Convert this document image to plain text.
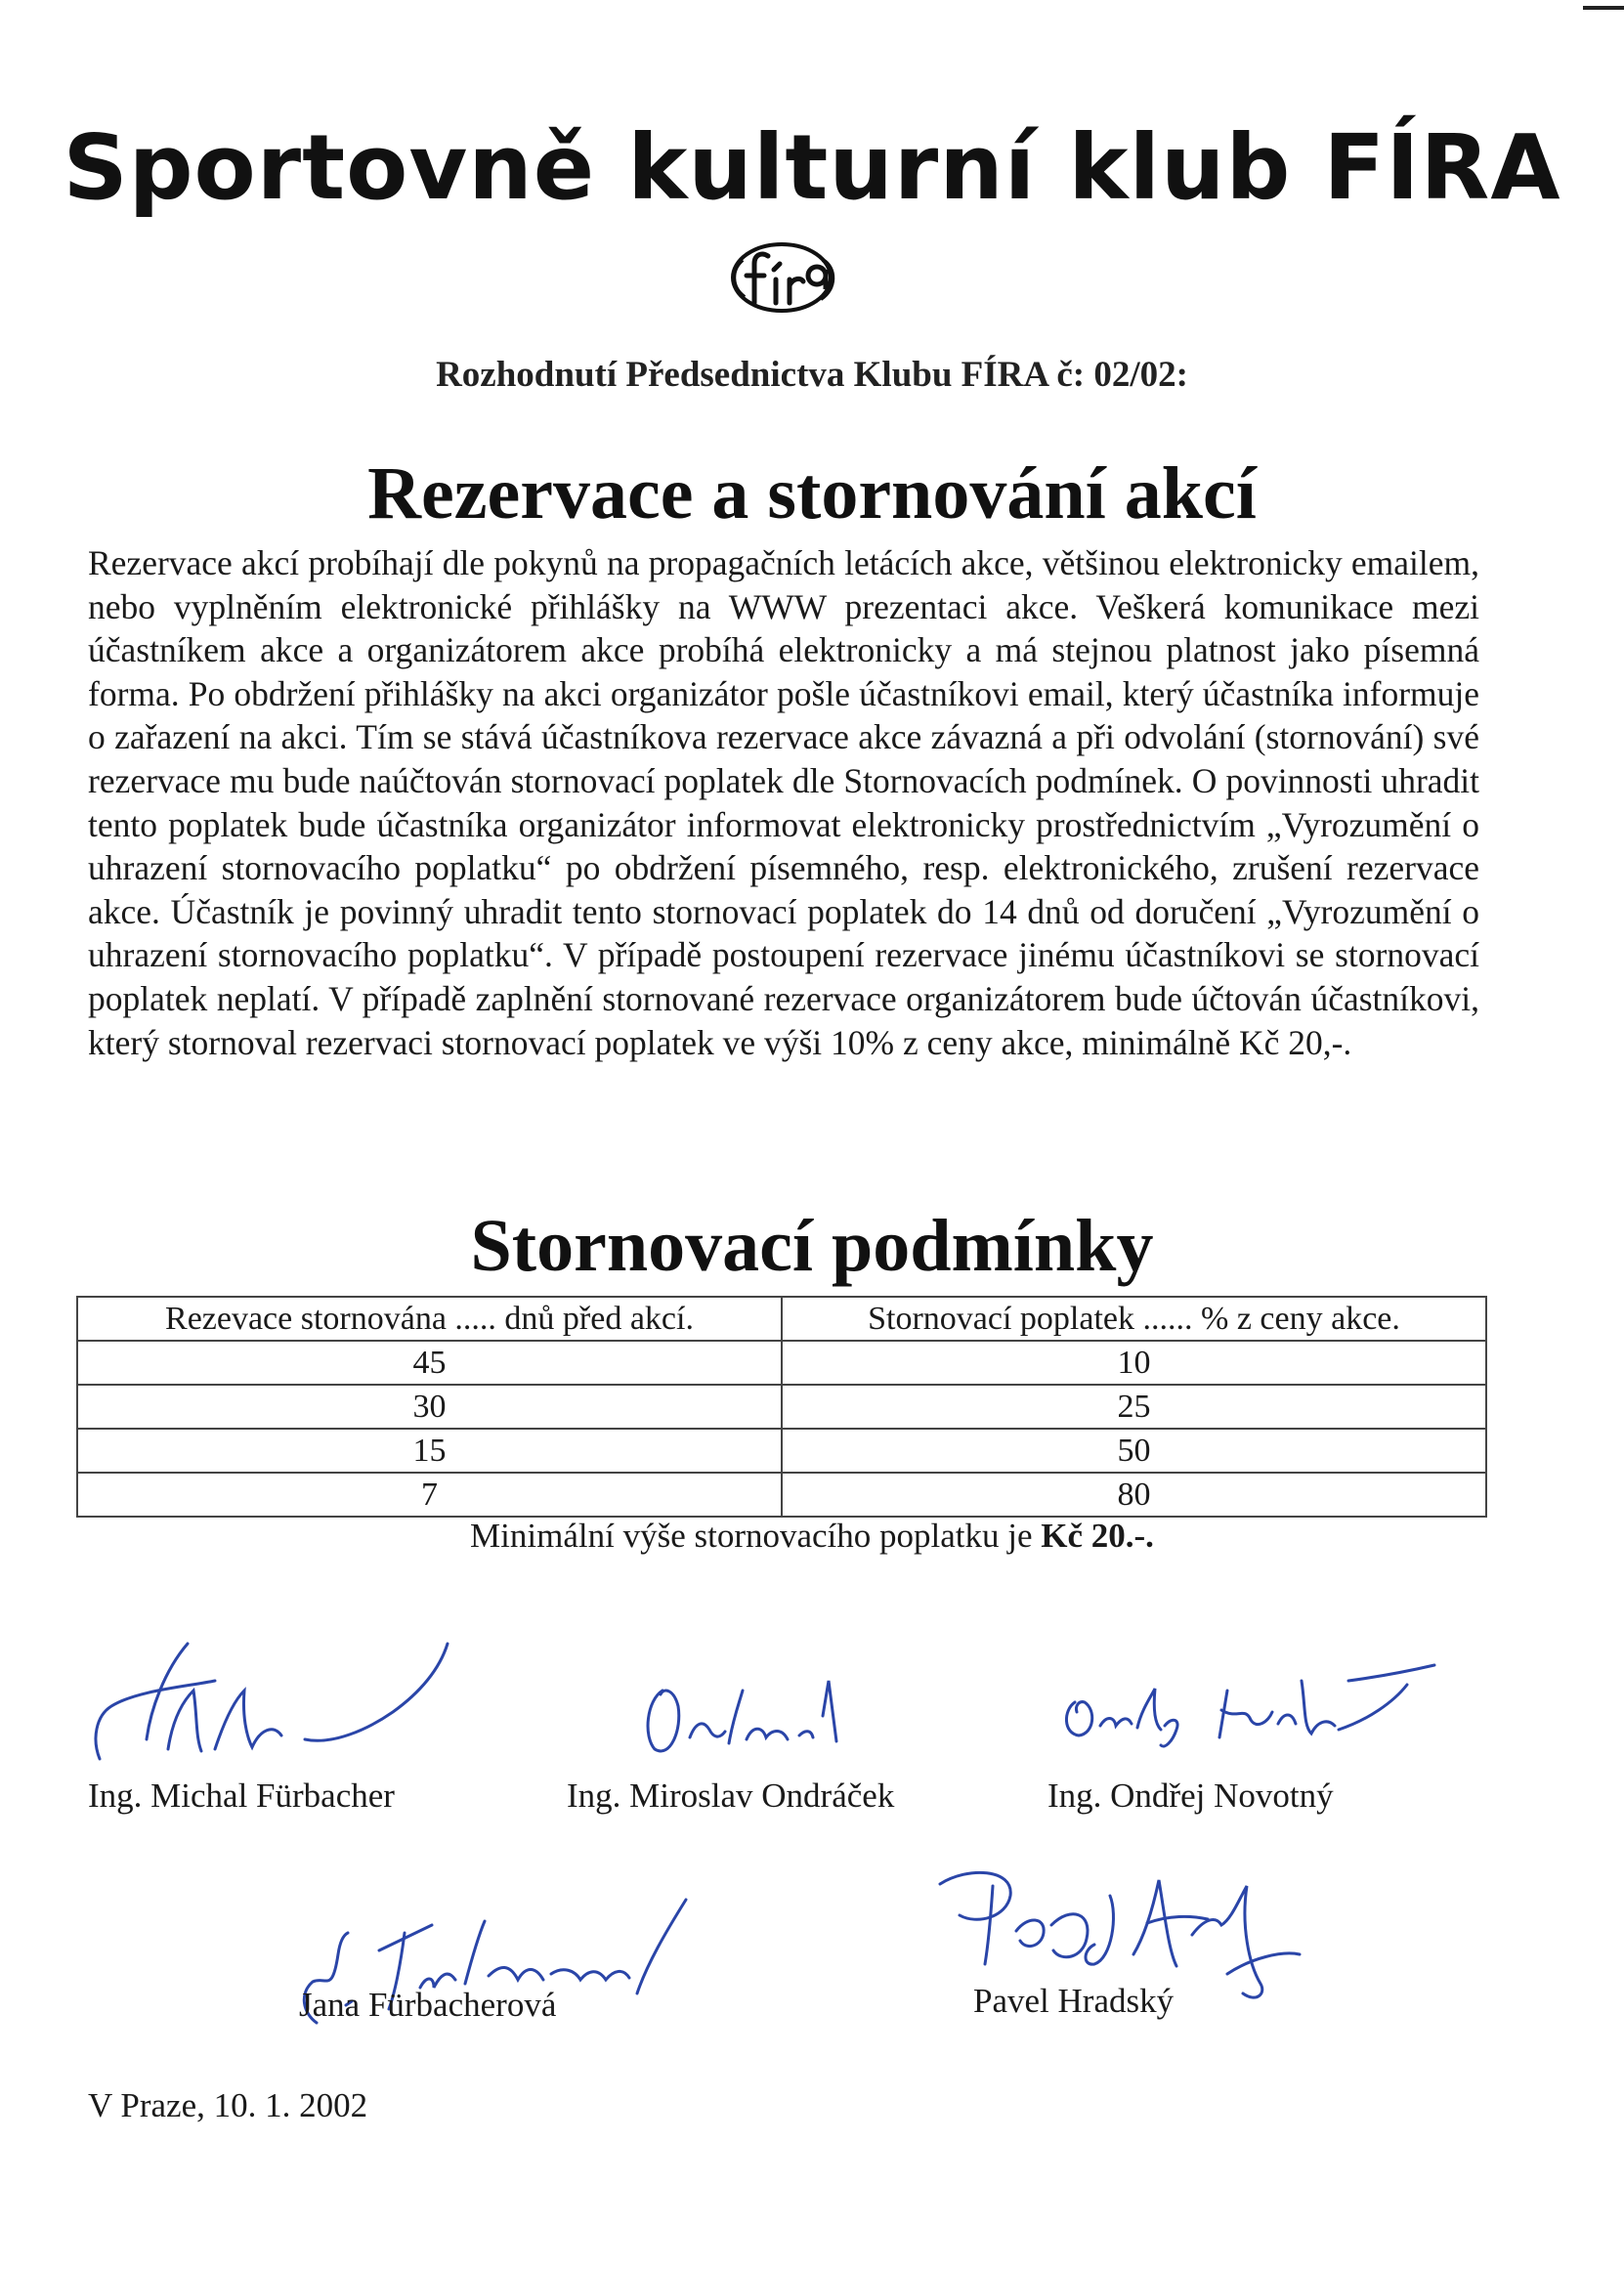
Sportovně kulturní klub FÍRA
Rozhodnutí Předsednictva Klubu FÍRA č: 02/02:
Rezervace a stornování akcí
Rezervace akcí probíhají dle pokynů na propagačních letácích akce, většinou elektronicky emailem, nebo vyplněním elektronické přihlášky na WWW prezentaci akce. Veškerá komunikace mezi účastníkem akce a organizátorem akce probíhá elektronicky a má stejnou platnost jako písemná forma. Po obdržení přihlášky na akci organizátor pošle účastníkovi email, který účastníka informuje o zařazení na akci. Tím se stává účastníkova rezervace akce závazná a při odvolání (stornování) své rezervace mu bude naúčtován stornovací poplatek dle Stornovacích podmínek. O povinnosti uhradit tento poplatek bude účastníka organizátor informovat elektronicky prostřednictvím „Vyrozumění o uhrazení stornovacího poplatku“ po obdržení písemného, resp. elektronického, zrušení rezervace akce. Účastník je povinný uhradit tento stornovací poplatek do 14 dnů od doručení „Vyrozumění o uhrazení stornovacího poplatku“. V případě postoupení rezervace jinému účastníkovi se stornovací poplatek neplatí. V případě zaplnění stornované rezervace organizátorem bude účtován účastníkovi, který stornoval rezervaci stornovací poplatek ve výši 10% z ceny akce, minimálně Kč 20,-.
Stornovací podmínky
Rezevace stornována ..... dnů před akcí.	Stornovací poplatek ...... % z ceny akce.
45	10
30	25
15	50
7	80
Minimální výše stornovacího poplatku je Kč 20.-.
Ing. Michal Fürbacher	Ing. Miroslav Ondráček	Ing. Ondřej Novotný
Jana Fürbacherová	Pavel Hradský
V Praze, 10. 1. 2002
